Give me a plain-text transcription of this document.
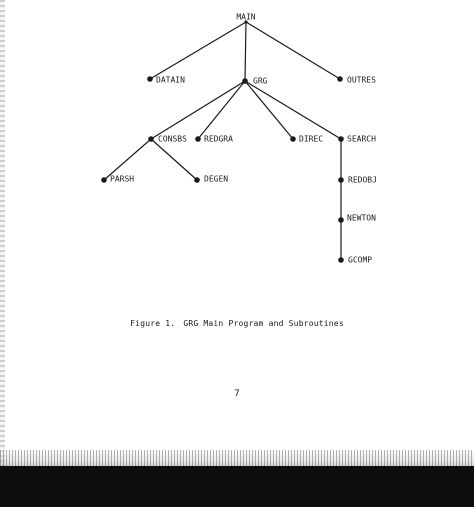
MAIN
DATAIN	GRG	OUTRES
CONSBS REDGRA	DIREC	SEARCH
PARSH	DEGEN	REDOBJ
NEWTON
GCOMP
Figure 1. GRG Main Program and Subroutines
7
